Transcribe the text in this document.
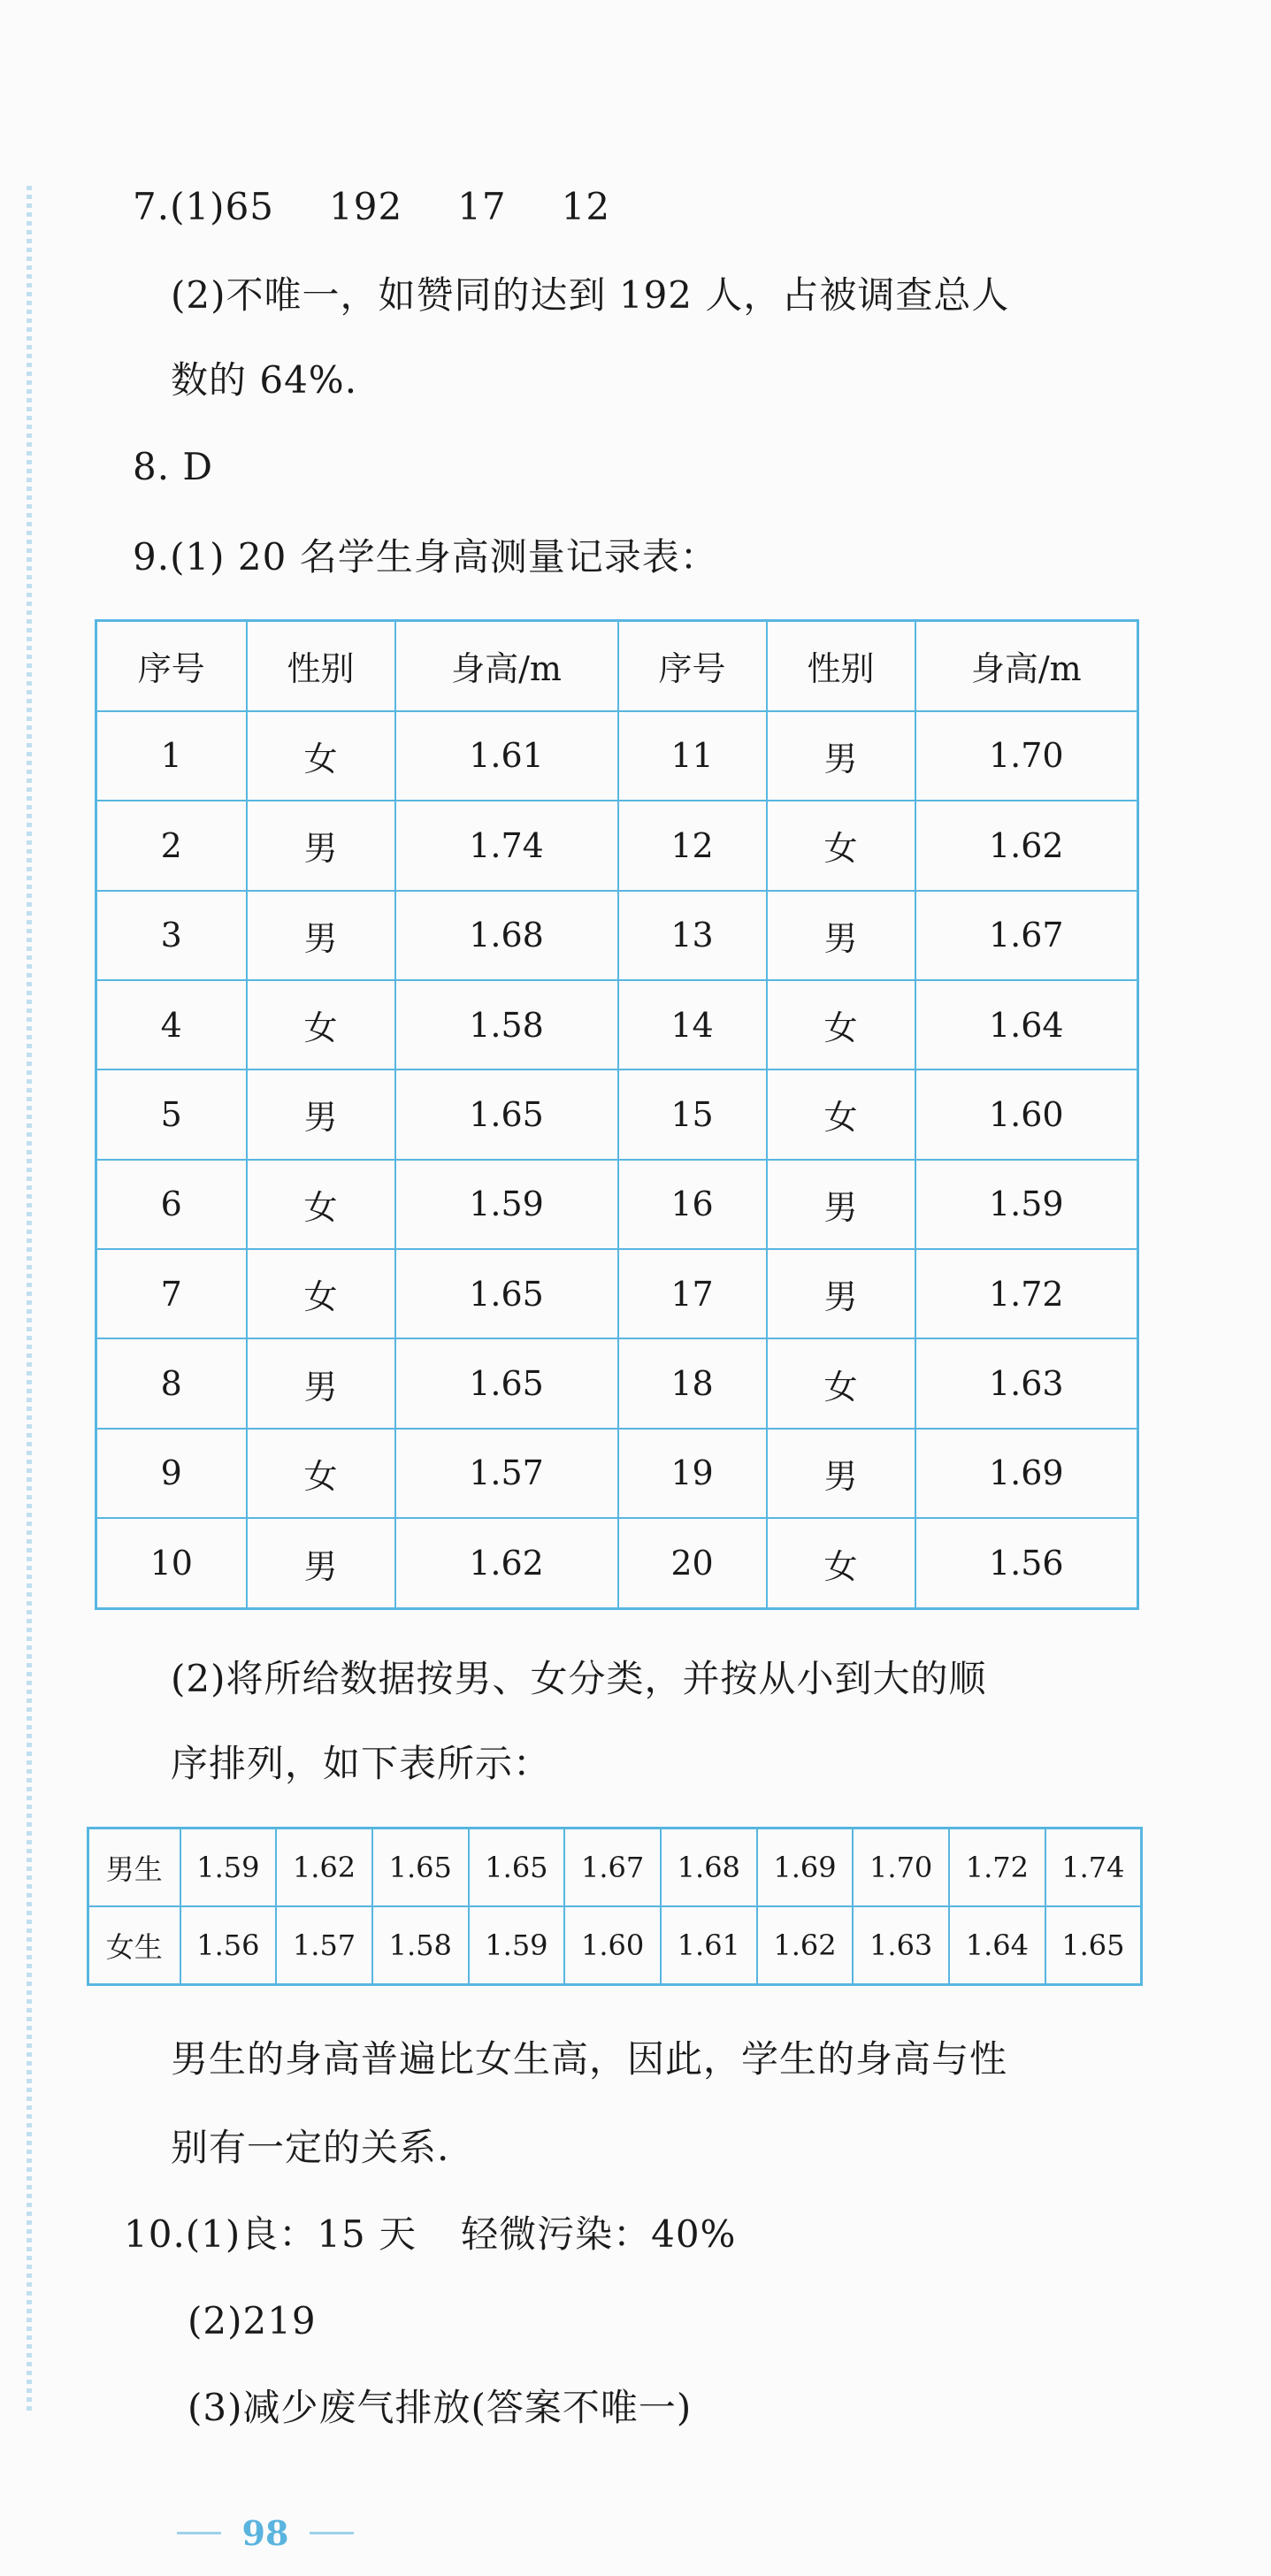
7.(1)65 192 17 12
(2)不唯一，如赞同的达到 192 人，占被调查总人
数的 64%.
8. D
9.(1) 20 名学生身高测量记录表：
序号	性别	身高/m	序号	性别	身高/m
1	女	1.61	11	男	1.70
2	男	1.74	12	女	1.62
3	男	1.68	13	男	1.67
4	女	1.58	14	女	1.64
5	男	1.65	15	女	1.60
6	女	1.59	16	男	1.59
7	女	1.65	17	男	1.72
8	男	1.65	18	女	1.63
9	女	1.57	19	男	1.69
10	男	1.62	20	女	1.56
(2)将所给数据按男、女分类，并按从小到大的顺
序排列，如下表所示：
男生	1.59	1.62	1.65	1.65	1.67	1.68	1.69	1.70	1.72	1.74
女生	1.56	1.57	1.58	1.59	1.60	1.61	1.62	1.63	1.64	1.65
男生的身高普遍比女生高，因此，学生的身高与性
别有一定的关系.
10.(1)良：15 天 轻微污染：40%
(2)219
(3)减少废气排放(答案不唯一)
98
